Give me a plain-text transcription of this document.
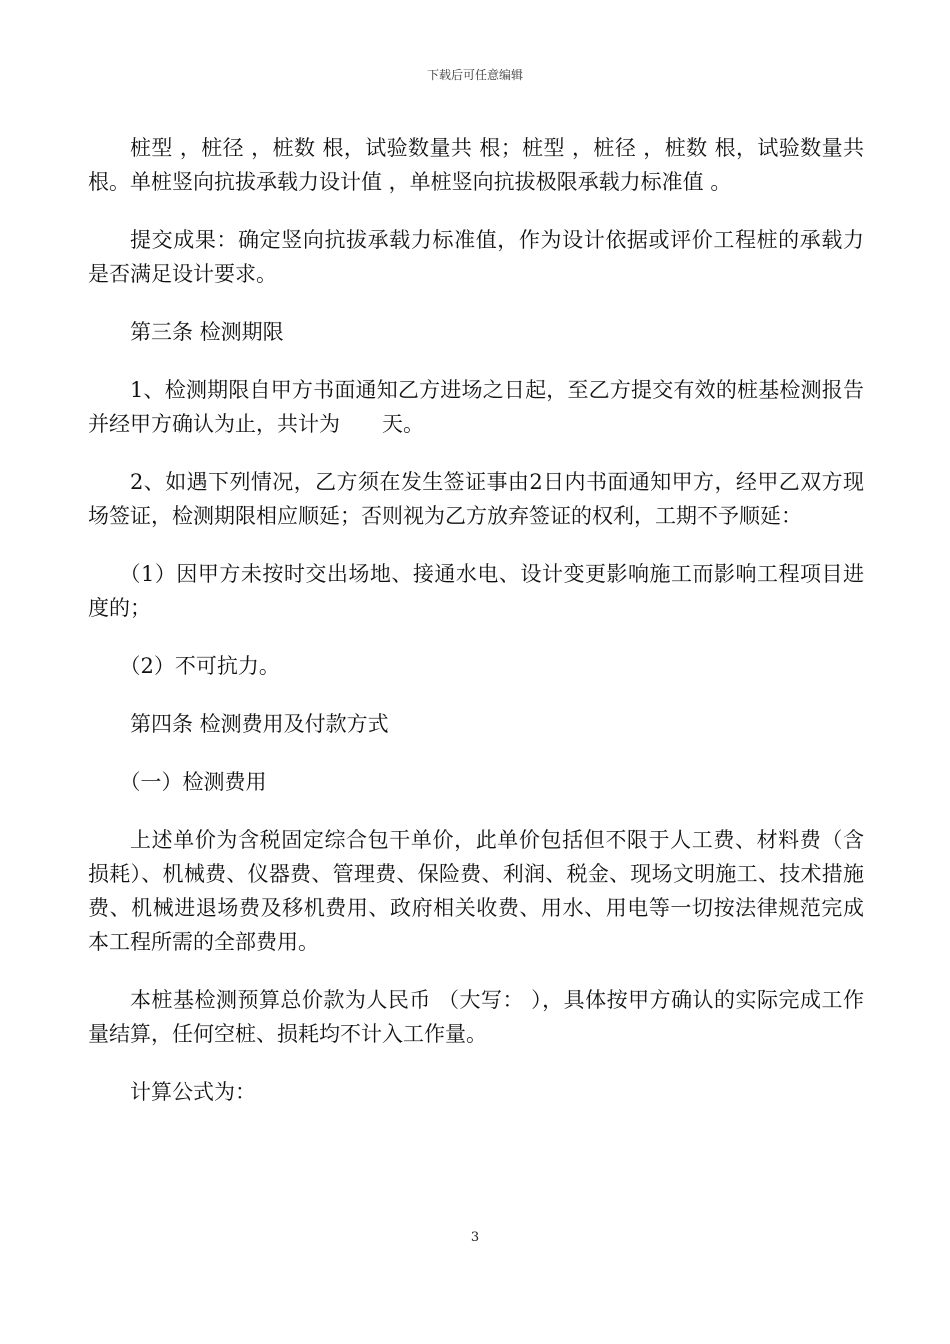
下载后可任意编辑

桩型 ，桩径 ，桩数 根，试验数量共 根；桩型 ，桩径 ，桩数 根，试验数量共 根。单桩竖向抗拔承载力设计值 ，单桩竖向抗拔极限承载力标准值 。

提交成果：确定竖向抗拔承载力标准值，作为设计依据或评价工程桩的承载力是否满足设计要求。

第三条 检测期限

1、检测期限自甲方书面通知乙方进场之日起，至乙方提交有效的桩基检测报告并经甲方确认为止，共计为　　天。

2、如遇下列情况，乙方须在发生签证事由2日内书面通知甲方，经甲乙双方现场签证，检测期限相应顺延；否则视为乙方放弃签证的权利，工期不予顺延：

（1）因甲方未按时交出场地、接通水电、设计变更影响施工而影响工程项目进度的；

（2）不可抗力。

第四条 检测费用及付款方式

（一）检测费用

上述单价为含税固定综合包干单价，此单价包括但不限于人工费、材料费（含损耗）、机械费、仪器费、管理费、保险费、利润、税金、现场文明施工、技术措施费、机械进退场费及移机费用、政府相关收费、用水、用电等一切按法律规范完成本工程所需的全部费用。

本桩基检测预算总价款为人民币 （大写： ），具体按甲方确认的实际完成工作量结算，任何空桩、损耗均不计入工作量。

计算公式为：

3
